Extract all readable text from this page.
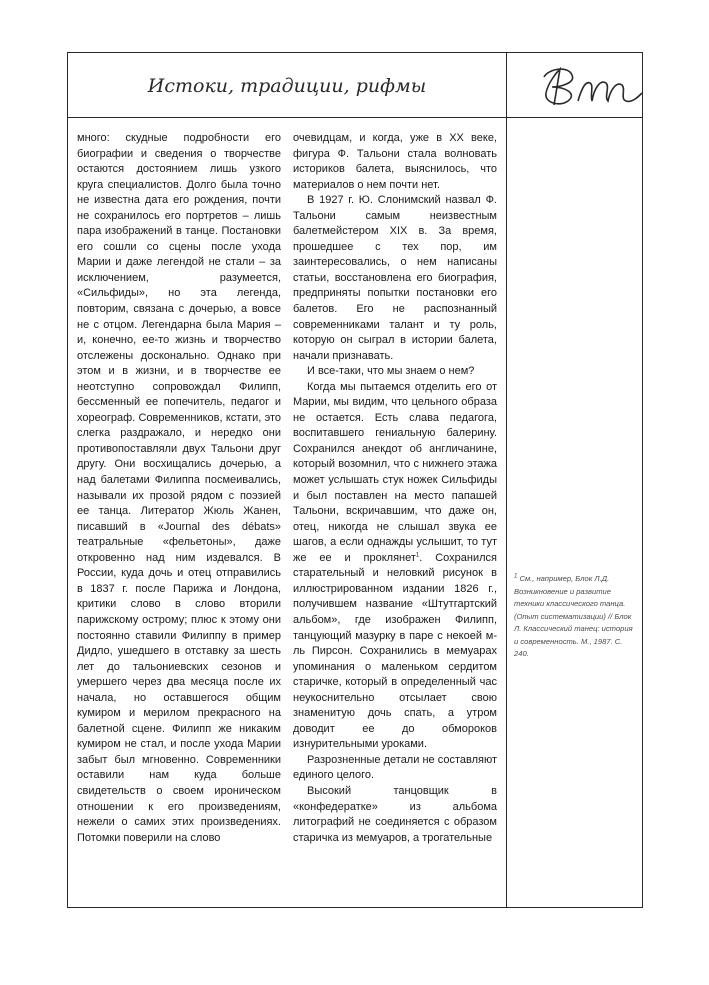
Истоки, традиции, рифмы
BM

много: скудные подробности его биографии и сведения о творчестве остаются достоянием лишь узкого круга специалистов. Долго была точно не известна дата его рождения, почти не сохранилось его портретов – лишь пара изображений в танце. Постановки его сошли со сцены после ухода Марии и даже легендой не стали – за исключением, разумеется, «Сильфиды», но эта легенда, повторим, связана с дочерью, а вовсе не с отцом. Легендарна была Мария – и, конечно, ее-то жизнь и творчество отслежены досконально. Однако при этом и в жизни, и в творчестве ее неотступно сопровождал Филипп, бессменный ее попечитель, педагог и хореограф. Современников, кстати, это слегка раздражало, и нередко они противопоставляли двух Тальони друг другу. Они восхищались дочерью, а над балетами Филиппа посмеивались, называли их прозой рядом с поэзией ее танца. Литератор Жюль Жанен, писавший в «Journal des débats» театральные «фельетоны», даже откровенно над ним издевался. В России, куда дочь и отец отправились в 1837 г. после Парижа и Лондона, критики слово в слово вторили парижскому острому; плюс к этому они постоянно ставили Филиппу в пример Дидло, ушедшего в отставку за шесть лет до тальониевских сезонов и умершего через два месяца после их начала, но оставшегося общим кумиром и мерилом прекрасного на балетной сцене. Филипп же никаким кумиром не стал, и после ухода Марии забыт был мгновенно. Современники оставили нам куда больше свидетельств о своем ироническом отношении к его произведениям, нежели о самих этих произведениях. Потомки поверили на слово

очевидцам, и когда, уже в XX веке, фигура Ф. Тальони стала волновать историков балета, выяснилось, что материалов о нем почти нет.

В 1927 г. Ю. Слонимский назвал Ф. Тальони самым неизвестным балетмейстером XIX в. За время, прошедшее с тех пор, им заинтересовались, о нем написаны статьи, восстановлена его биография, предприняты попытки постановки его балетов. Его не распознанный современниками талант и ту роль, которую он сыграл в истории балета, начали признавать.

И все-таки, что мы знаем о нем?

Когда мы пытаемся отделить его от Марии, мы видим, что цельного образа не остается. Есть слава педагога, воспитавшего гениальную балерину. Сохранился анекдот об англичанине, который возомнил, что с нижнего этажа может услышать стук ножек Сильфиды и был поставлен на место папашей Тальони, вскричавшим, что даже он, отец, никогда не слышал звука ее шагов, а если однажды услышит, то тут же ее и проклянет$^1$. Сохранился старательный и неловкий рисунок в иллюстрированном издании 1826 г., получившем название «Штутгартский альбом», где изображен Филипп, танцующий мазурку в паре с некоей м-ль Пирсон. Сохранились в мемуарах упоминания о маленьком сердитом старичке, который в определенный час неукоснительно отсылает свою знаменитую дочь спать, а утром доводит ее до обмороков изнурительными уроками.

Разрозненные детали не составляют единого целого.

Высокий танцовщик в «конфедератке» из альбома литографий не соединяется с образом старичка из мемуаров, а трогательные

$^1$ См., например, Блок Л.Д. Возникновение и развитие техники классического танца. (Опыт систематизации) // Блок Л. Классический танец: история и современность. М., 1987. С. 240.
